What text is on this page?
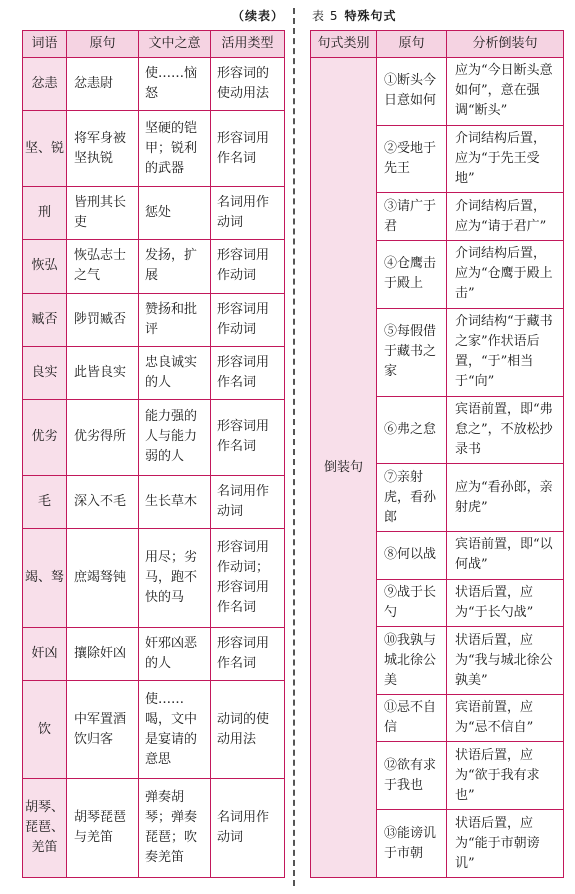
（续表） 表 5 特殊句式
词语	原句	文中之意	活用类型
忿恚	忿恚尉	使……恼怒	形容词的使动用法
坚、锐	将军身被坚执锐	坚硬的铠甲；锐利的武器	形容词用作名词
刑	皆刑其长吏	惩处	名词用作动词
恢弘	恢弘志士之气	发扬，扩展	形容词用作动词
臧否	陟罚臧否	赞扬和批评	形容词用作动词
良实	此皆良实	忠良诚实的人	形容词用作名词
优劣	优劣得所	能力强的人与能力弱的人	形容词用作名词
毛	深入不毛	生长草木	名词用作动词
竭、驽	庶竭驽钝	用尽；劣马，跑不快的马	形容词用作动词；形容词用作名词
奸凶	攘除奸凶	奸邪凶恶的人	形容词用作名词
饮	中军置酒饮归客	使……喝，文中是宴请的意思	动词的使动用法
胡琴、琵琶、羌笛	胡琴琵琶与羌笛	弹奏胡琴；弹奏琵琶；吹奏羌笛	名词用作动词
句式类别	原句	分析倒装句
倒装句	①断头今日意如何	应为“今日断头意如何”，意在强调“断头”
	②受地于先王	介词结构后置，应为“于先王受地”
	③请广于君	介词结构后置，应为“请于君广”
	④仓鹰击于殿上	介词结构后置，应为“仓鹰于殿上击”
	⑤每假借于藏书之家	介词结构“于藏书之家”作状语后置，“于”相当于“向”
	⑥弗之怠	宾语前置，即“弗怠之”，不放松抄录书
	⑦亲射虎，看孙郎	应为“看孙郎，亲射虎”
	⑧何以战	宾语前置，即“以何战”
	⑨战于长勺	状语后置，应为“于长勺战”
	⑩我孰与城北徐公美	状语后置，应为“我与城北徐公孰美”
	⑪忌不自信	宾语前置，应为“忌不信自”
	⑫欲有求于我也	状语后置，应为“欲于我有求也”
	⑬能谤讥于市朝	状语后置，应为“能于市朝谤讥”
